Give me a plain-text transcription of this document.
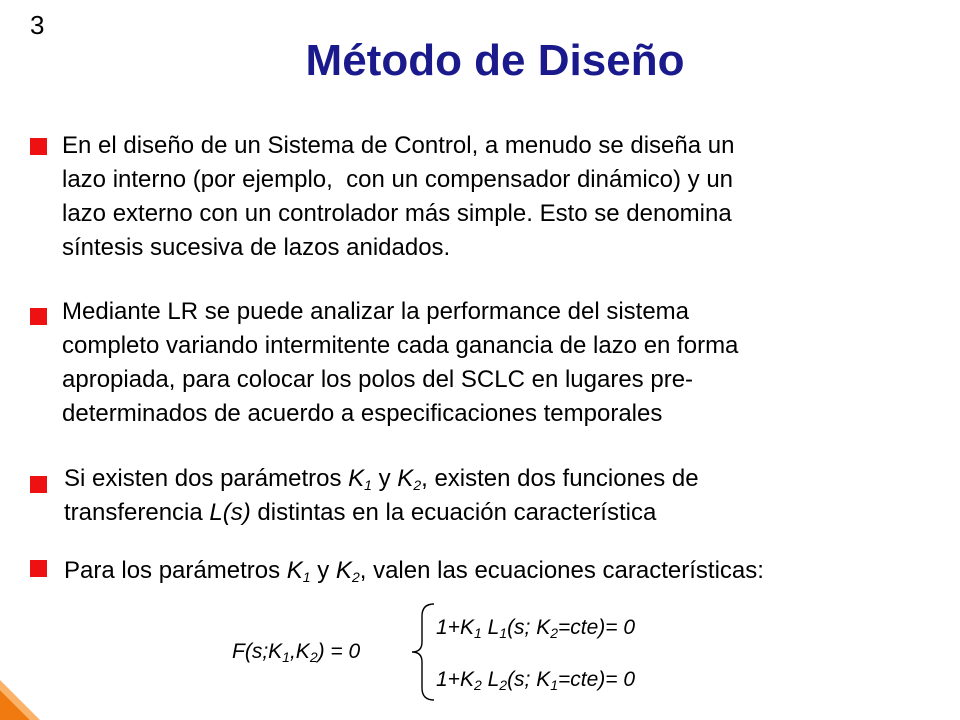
3
Método de Diseño
En el diseño de un Sistema de Control, a menudo se diseña un
lazo interno (por ejemplo,  con un compensador dinámico) y un
lazo externo con un controlador más simple. Esto se denomina
síntesis sucesiva de lazos anidados.
Mediante LR se puede analizar la performance del sistema
completo variando intermitente cada ganancia de lazo en forma
apropiada, para colocar los polos del SCLC en lugares pre-
determinados de acuerdo a especificaciones temporales
Si existen dos parámetros $K_1$ y $K_2$, existen dos funciones de
transferencia L(s) distintas en la ecuación característica
Para los parámetros $K_1$ y $K_2$, valen las ecuaciones características:
$F(s;K_1,K_2) = 0$
$1+K_1$ $L_1(s$; $K_2=cte)= 0$
$1+K_2$ $L_2(s$; $K_1=cte)= 0$
